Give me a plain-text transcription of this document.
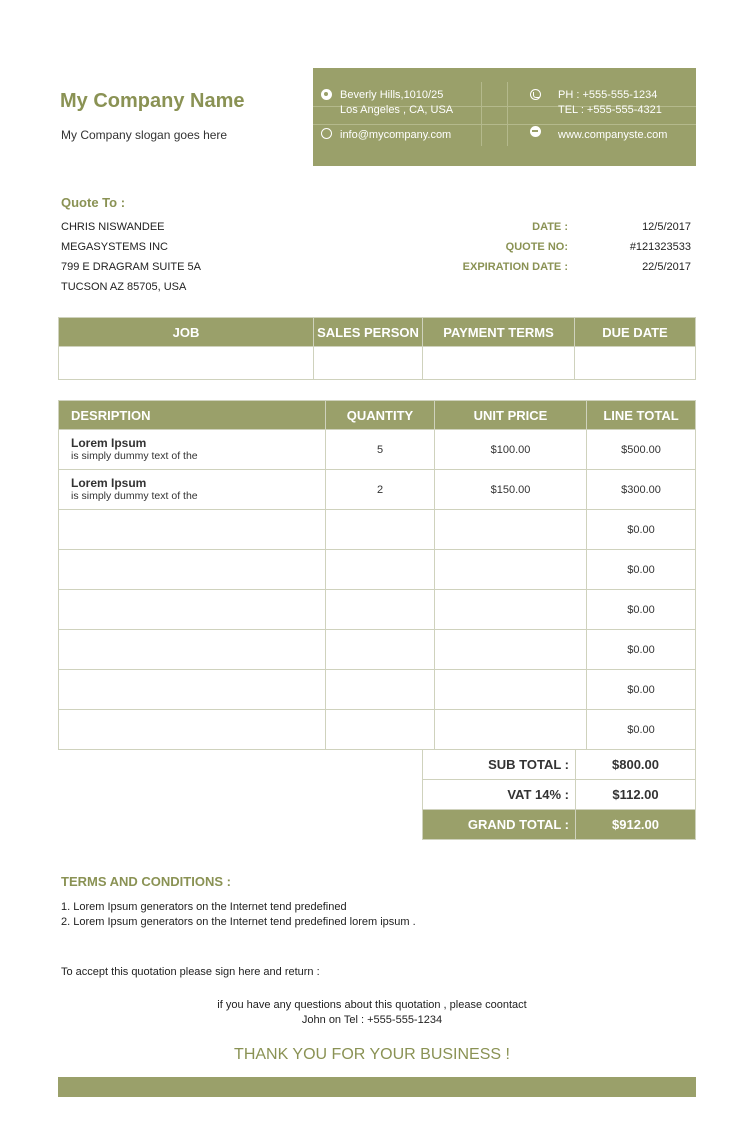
My Company Name
My Company slogan goes here
Beverly Hills,1010/25
Los Angeles , CA, USA
info@mycompany.com
PH : +555-555-1234
TEL : +555-555-4321
www.companyste.com
Quote To :
CHRIS NISWANDEE
MEGASYSTEMS INC
799 E DRAGRAM SUITE 5A
TUCSON AZ 85705, USA
DATE :	12/5/2017
QUOTE NO:	#121323533
EXPIRATION DATE :	22/5/2017
JOB	SALES PERSON	PAYMENT TERMS	DUE DATE

DESRIPTION	QUANTITY	UNIT PRICE	LINE TOTAL

Lorem Ipsum
is simply dummy text of the	5	$100.00	$500.00

Lorem Ipsum
is simply dummy text of the	2	$150.00	$300.00
			$0.00
			$0.00
			$0.00
			$0.00
			$0.00
			$0.00
SUB TOTAL :	$800.00
VAT 14% :	$112.00
GRAND TOTAL :	$912.00
TERMS AND CONDITIONS :
1. Lorem Ipsum generators on the Internet tend predefined
2. Lorem Ipsum generators on the Internet tend predefined lorem ipsum .
To accept this quotation please sign here and return :
if you have any questions about this quotation , please coontact
John on Tel : +555-555-1234
THANK YOU FOR YOUR BUSINESS !
